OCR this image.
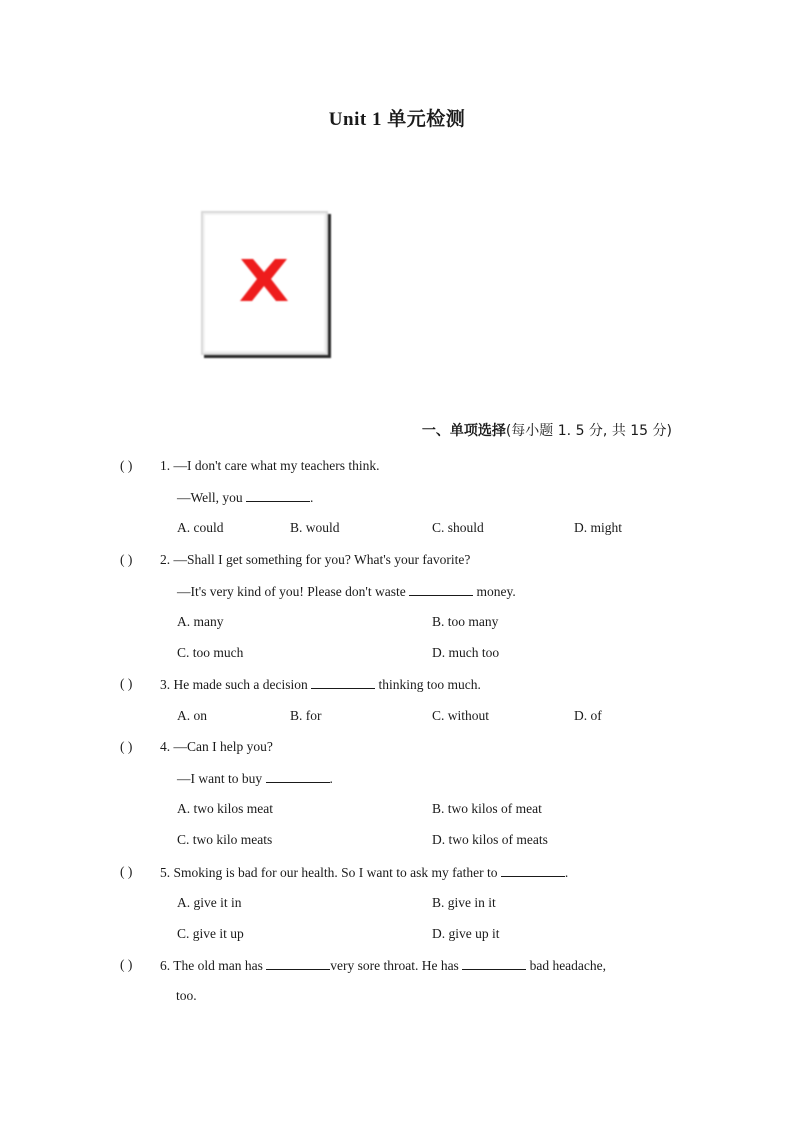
Unit 1 单元检测
一、单项选择(每小题 1. 5 分, 共 15 分)
( ) 1. —I don't care what my teachers think.
—Well, you	.
A. could	B. would	C. should	D. might
( ) 2. —Shall I get something for you? What's your favorite?
—It's very kind of you! Please don't waste	money.
A. many	B. too many
C. too much	D. much too
( ) 3. He made such a decision	thinking too much.
A. on	B. for	C. without	D. of
( ) 4. —Can I help you?
—I want to buy	.
A. two kilos meat	B. two kilos of meat
C. two kilo meats	D. two kilos of meats
( ) 5. Smoking is bad for our health. So I want to ask my father to	.
A. give it in	B. give in it
C. give it up	D. give up it
( ) 6. The old man has	very sore throat. He has	bad headache,
too.
